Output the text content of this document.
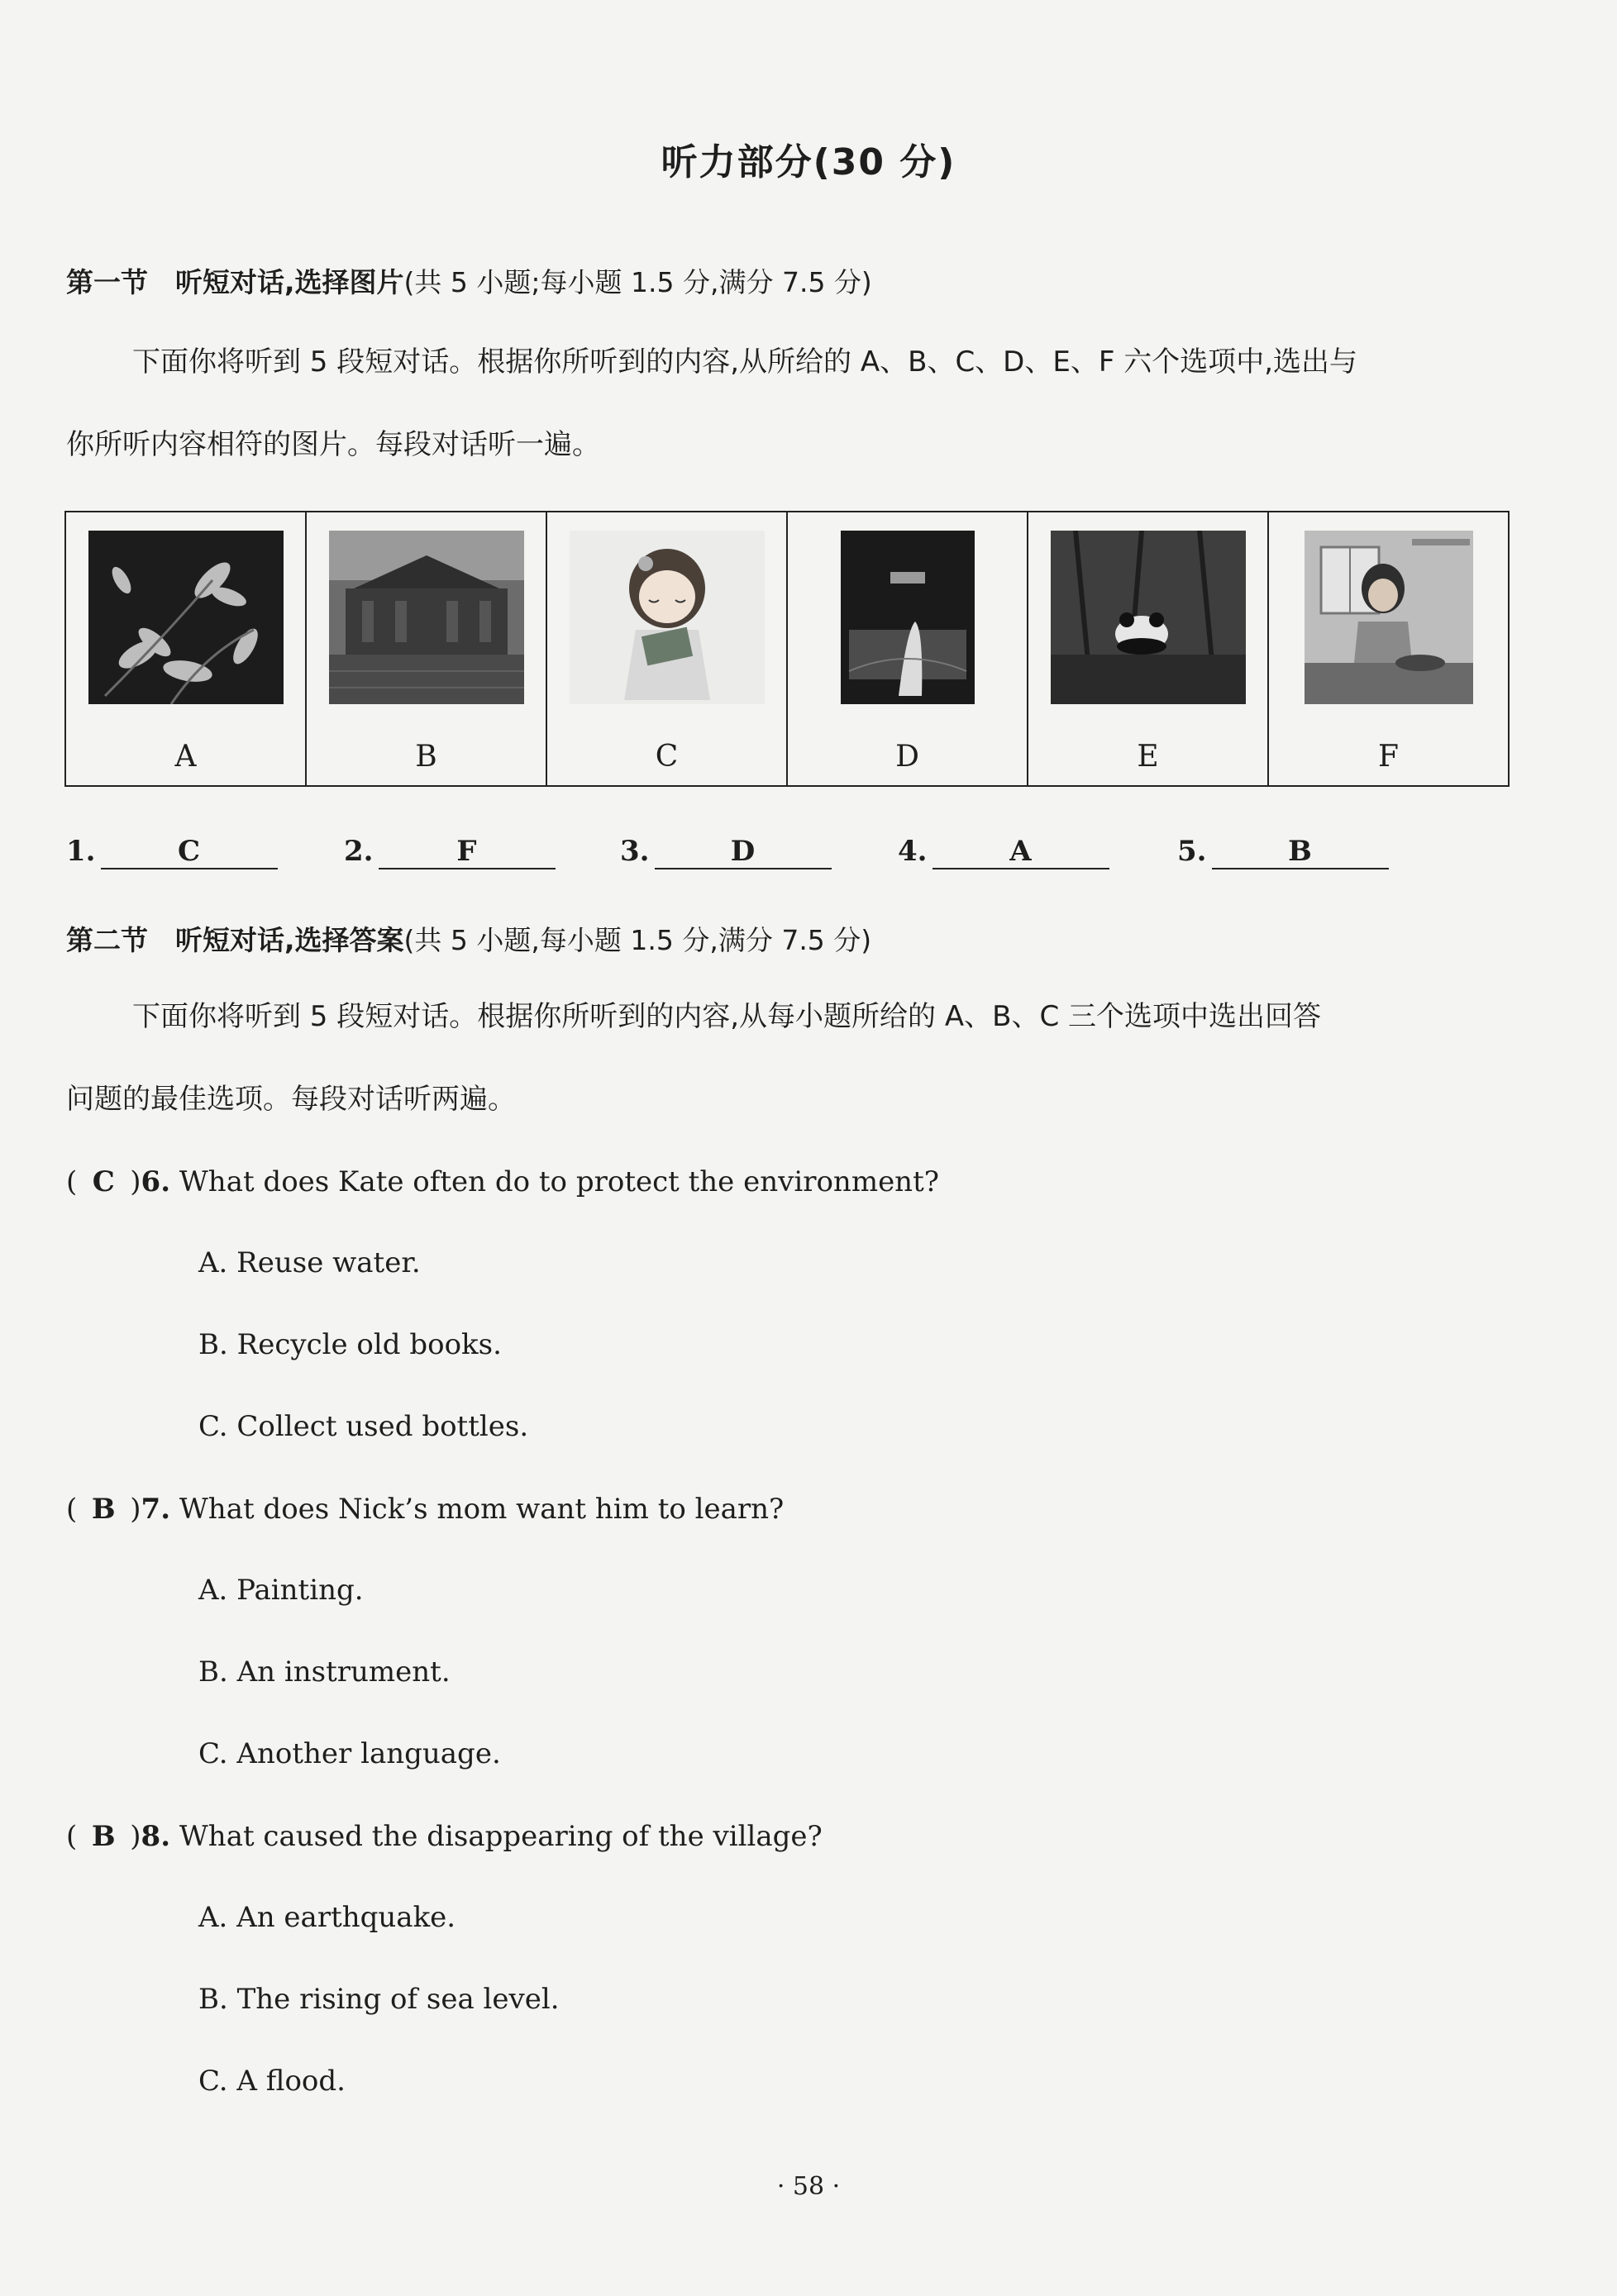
听力部分(30 分)
第一节　听短对话,选择图片(共 5 小题;每小题 1.5 分,满分 7.5 分)

下面你将听到 5 段短对话。根据你所听到的内容,从所给的 A、B、C、D、E、F 六个选项中,选出与

你所听内容相符的图片。每段对话听一遍。

A	B	C	D	E	F
1.	C	2.	F	3.	D	4.	A	5.	B
第二节　听短对话,选择答案(共 5 小题,每小题 1.5 分,满分 7.5 分)

下面你将听到 5 段短对话。根据你所听到的内容,从每小题所给的 A、B、C 三个选项中选出回答

问题的最佳选项。每段对话听两遍。

( C )6. What does Kate often do to protect the environment?
A. Reuse water.
B. Recycle old books.
C. Collect used bottles.
( B )7. What does Nick’s mom want him to learn?
A. Painting.
B. An instrument.
C. Another language.
( B )8. What caused the disappearing of the village?
A. An earthquake.
B. The rising of sea level.
C. A flood.
· 58 ·
